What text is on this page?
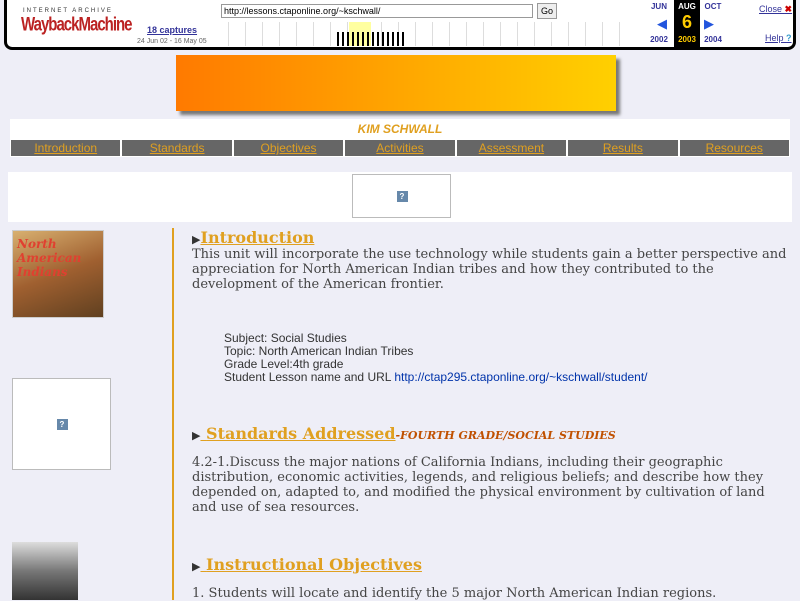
INTERNET ARCHIVE
WaybackMachine
http://lessons.ctaponline.org/~kschwall/	Go
18 captures
24 Jun 02 - 16 May 05
JUN	AUG	OCT
6
◀	▶
2002	2003	2004
Close ✖
Help ?
KIM SCHWALL
Introduction	Standards	Objectives	Activities	Assessment	Results	Resources
?
North American Indians
?
▶Introduction

This unit will incorporate the use technology while students gain a better perspective and appreciation for North American Indian tribes and how they contributed to the development of the American frontier.

Subject: Social Studies
Topic: North American Indian Tribes
Grade Level:4th grade
Student Lesson name and URL http://ctap295.ctaponline.org/~kschwall/student/
▶ Standards Addressed-FOURTH GRADE/SOCIAL STUDIES

4.2-1.Discuss the major nations of California Indians, including their geographic distribution, economic activities, legends, and religious beliefs; and describe how they depended on, adapted to, and modified the physical environment by cultivation of land and use of sea resources.

▶ Instructional Objectives

1. Students will locate and identify the 5 major North American Indian regions.
